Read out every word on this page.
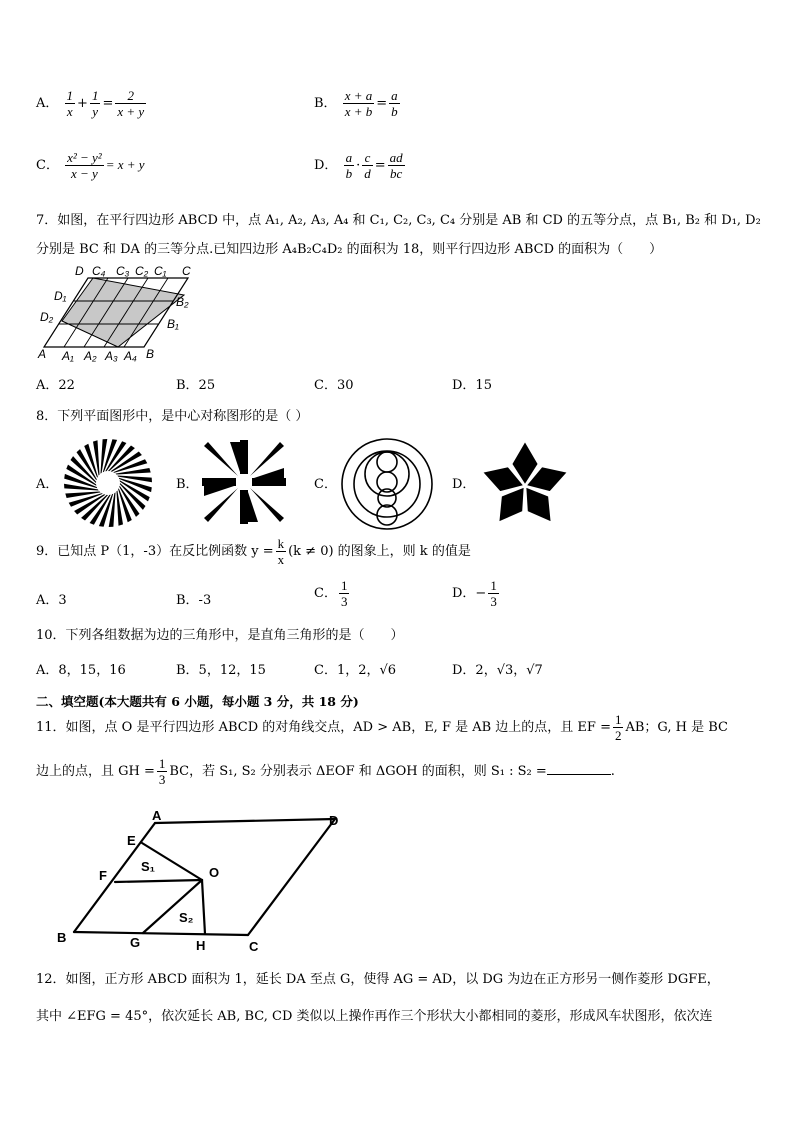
A． $\frac{1}{x} + \frac{1}{y} = \frac{2}{x + y}$	B． $\frac{x + a}{x + b} = \frac{a}{b}$
C． $\frac{\text{x² − y²}}{x - y} = x + y$	D． $\frac{a}{b} \cdot \frac{c}{d} = \frac{ad}{bc}$
7．如图，在平行四边形 ABCD 中，点 A₁, A₂, A₃, A₄ 和 C₁, C₂, C₃, C₄ 分别是 AB 和 CD 的五等分点，点 B₁, B₂ 和 D₁, D₂
分别是 BC 和 DA 的三等分点.已知四边形 A₄B₂C₄D₂ 的面积为 18，则平行四边形 ABCD 的面积为（　　）
D C₄ C₃ C₂ C₁ C
D₁
D₂
B₂
B₁
A A₁ A₂ A₃ A₄ B
A．22	B．25	C．30	D．15
8．下列平面图形中，是中心对称图形的是（ ）
A．	B．	C．	D．
9．已知点 P（1，-3）在反比例函数 $y = \frac{k}{x} (k \ne 0)$ 的图象上，则 k 的值是
A．3	B．-3	C． $\frac{1}{3}$	D．− $\frac{1}{3}$
10．下列各组数据为边的三角形中，是直角三角形的是（　　）
A．8，15，16	B．5，12，15	C．1，2，√6	D．2，√3，√7
二、填空题(本大题共有 6 小题，每小题 3 分，共 18 分)
11．如图，点 O 是平行四边形 ABCD 的对角线交点，AD > AB，E, F 是 AB 边上的点，且 EF = $\frac{1}{2}$ AB；G, H 是 BC
边上的点，且 GH = $\frac{1}{3}$ BC，若 S₁, S₂ 分别表示 ΔEOF 和 ΔGOH 的面积，则 S₁ : S₂ =	.
A	D
E
S₁
F	O
S₂
B	G	H	C
12．如图，正方形 ABCD 面积为 1，延长 DA 至点 G，使得 AG = AD，以 DG 为边在正方形另一侧作菱形 DGFE，
其中 ∠EFG = 45°，依次延长 AB, BC, CD 类似以上操作再作三个形状大小都相同的菱形，形成风车状图形，依次连
